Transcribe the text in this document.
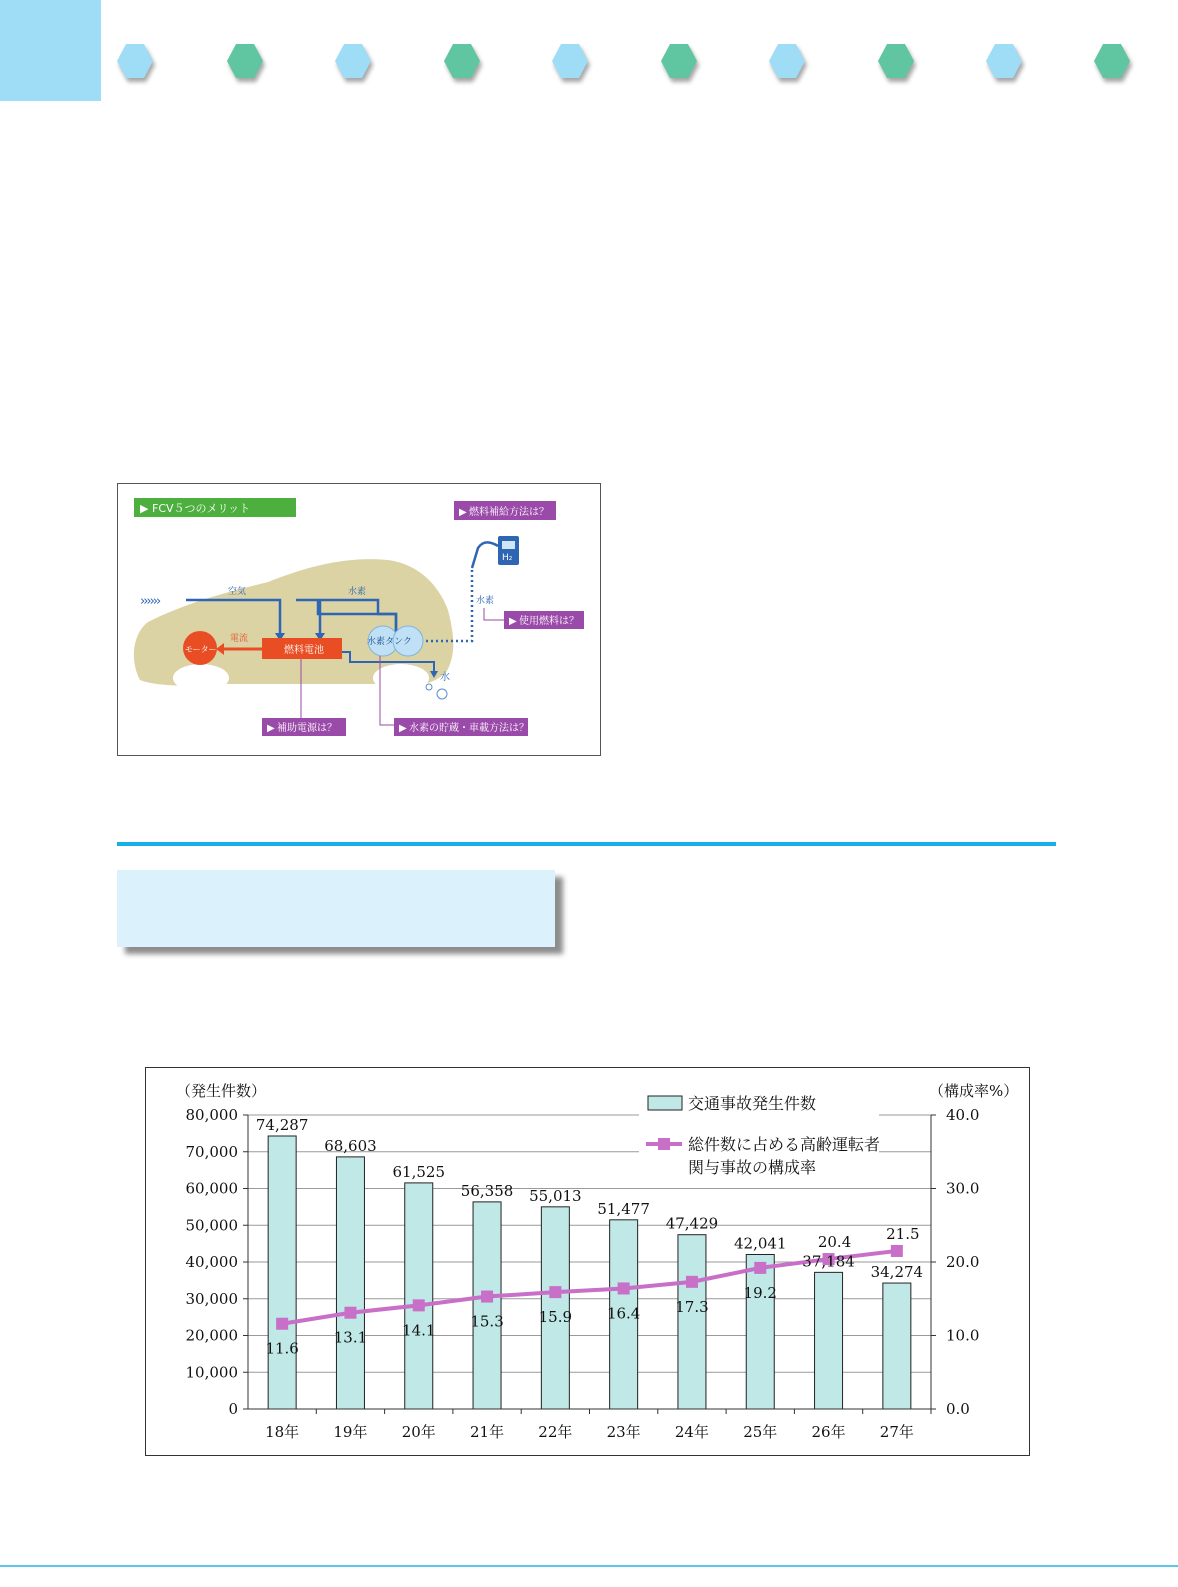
▶ FCV５つのメリット	▶ 燃料補給方法は？
H₂
水素
▶ 使用燃料は？
››››››
空気	水素
燃料電池
モーター
電流	水素タンク
水
▶ 補助電源は？	▶ 水素の貯蔵・車載方法は？
（発生件数）	（構成率%）
74,287
68,603
61,525
56,358 55,013
51,477
47,429
42,041
37,184
34,274
11.6
13.1 14.1 15.3 15.9 16.4 17.3
19.2
20.4 21.5
0
10,000
20,000
30,000
40,000
50,000
60,000
70,000
80,000
0.0
10.0
20.0
30.0
40.0
18年 19年 20年 21年 22年 23年 24年 25年 26年 27年
交通事故発生件数
総件数に占める高齢運転者
関与事故の構成率
